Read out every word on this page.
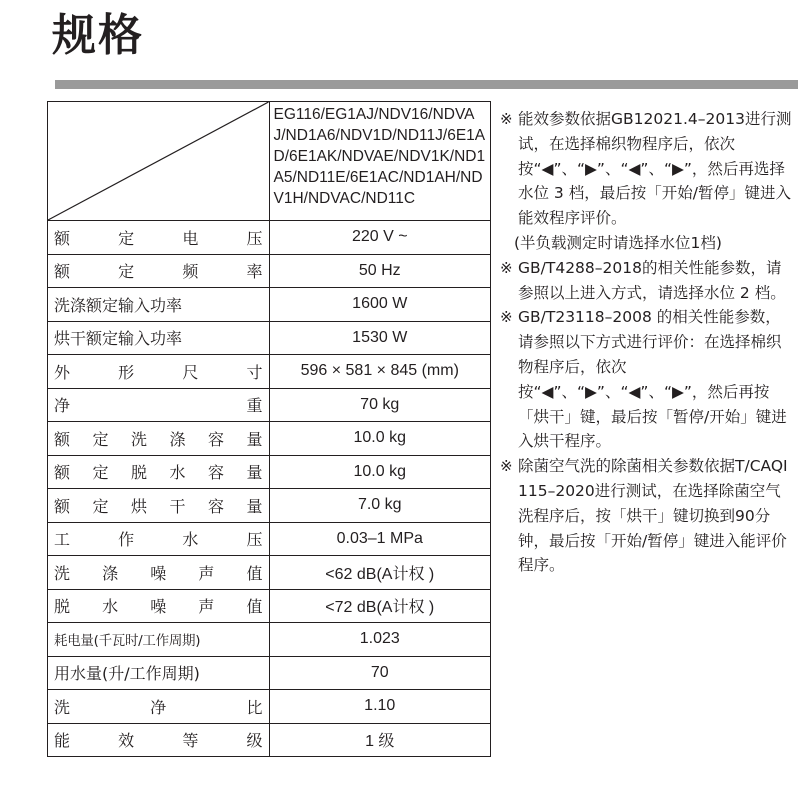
规格
	EG116/EG1AJ/NDV16/NDVAJ/ND1A6/NDV1D/ND11J/6E1AD/6E1AK/NDVAE/NDV1K/ND1A5/ND11E/6E1AC/ND1AH/NDV1H/NDVAC/ND11C

额定电压	220 V ~

额定频率	50 Hz

洗涤额定输入功率	1600 W

烘干额定输入功率	1530 W

外形尺寸	596 × 581 × 845 (mm)

净重	70 kg

额定洗涤容量	10.0 kg

额定脱水容量	10.0 kg

额定烘干容量	7.0 kg

工作水压	0.03–1 MPa

洗涤噪声值	<62 dB(A计权 )

脱水噪声值	<72 dB(A计权 )

耗电量(千瓦时/工作周期)	1.023

用水量(升/工作周期)	70

洗净比	1.10

能效等级	1 级

※ 能效参数依据GB12021.4–2013进行测试，在选择棉织物程序后，依次按“◀”、“▶”、“◀”、“▶”，然后再选择水位 3 档，最后按「开始/暂停」键进入能效程序评价。

(半负载测定时请选择水位1档)

※ GB/T4288–2018的相关性能参数，请参照以上进入方式，请选择水位 2 档。

※ GB/T23118–2008 的相关性能参数，请参照以下方式进行评价：在选择棉织物程序后，依次按“◀”、“▶”、“◀”、“▶”，然后再按「烘干」键，最后按「暂停/开始」键进入烘干程序。

※ 除菌空气洗的除菌相关参数依据T/CAQI 115–2020进行测试，在选择除菌空气洗程序后，按「烘干」键切换到90分钟，最后按「开始/暂停」键进入能评价程序。
